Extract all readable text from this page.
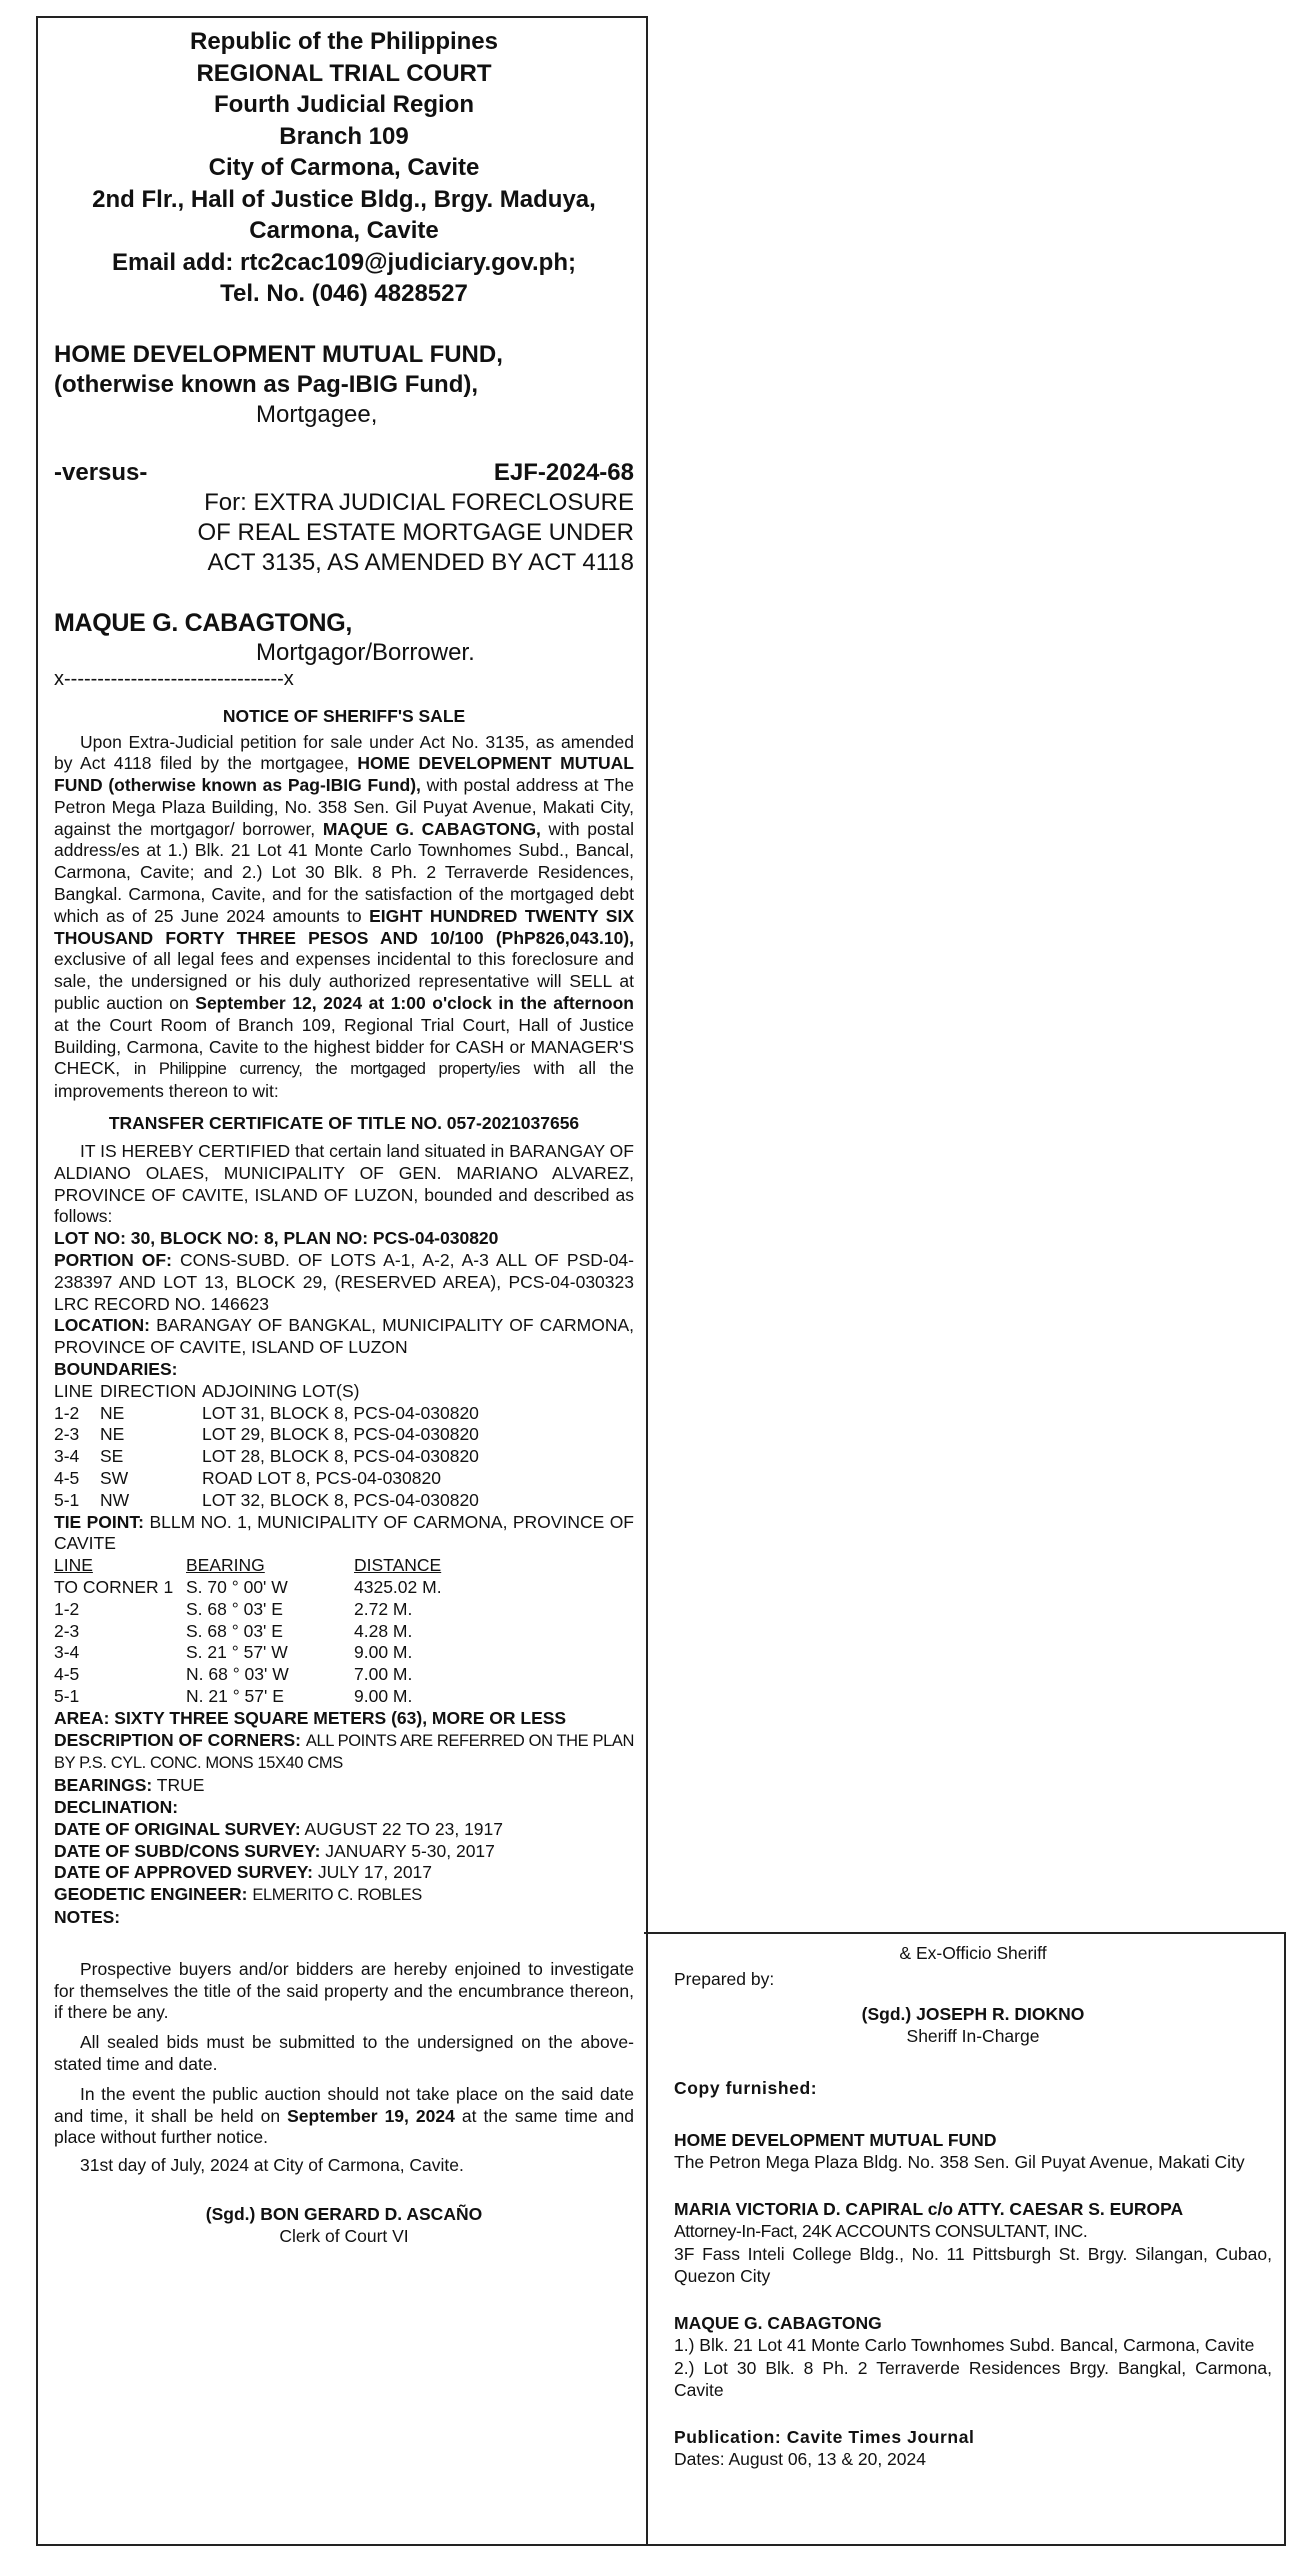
Republic of the Philippines
REGIONAL TRIAL COURT
Fourth Judicial Region
Branch 109
City of Carmona, Cavite
2nd Flr., Hall of Justice Bldg., Brgy. Maduya,
Carmona, Cavite
Email add: rtc2cac109@judiciary.gov.ph;
Tel. No. (046) 4828527
HOME DEVELOPMENT MUTUAL FUND,
(otherwise known as Pag-IBIG Fund),
Mortgagee,
-versus-	EJF-2024-68
For: EXTRA JUDICIAL FORECLOSURE
OF REAL ESTATE MORTGAGE UNDER
ACT 3135, AS AMENDED BY ACT 4118
MAQUE G. CABAGTONG,
Mortgagor/Borrower.
x---------------------------------x
NOTICE OF SHERIFF'S SALE
Upon Extra-Judicial petition for sale under Act No. 3135, as amended by Act 4118 filed by the mortgagee, HOME DEVELOPMENT MUTUAL FUND (otherwise known as Pag-IBIG Fund), with postal address at The Petron Mega Plaza Building, No. 358 Sen. Gil Puyat Avenue, Makati City, against the mortgagor/ borrower, MAQUE G. CABAGTONG, with postal address/es at 1.) Blk. 21 Lot 41 Monte Carlo Townhomes Subd., Bancal, Carmona, Cavite; and 2.) Lot 30 Blk. 8 Ph. 2 Terraverde Residences, Bangkal. Carmona, Cavite, and for the satisfaction of the mortgaged debt which as of 25 June 2024 amounts to EIGHT HUNDRED TWENTY SIX THOUSAND FORTY THREE PESOS AND 10/100 (PhP826,043.10), exclusive of all legal fees and expenses incidental to this foreclosure and sale, the undersigned or his duly authorized representative will SELL at public auction on September 12, 2024 at 1:00 o'clock in the afternoon at the Court Room of Branch 109, Regional Trial Court, Hall of Justice Building, Carmona, Cavite to the highest bidder for CASH or MANAGER'S CHECK, in Philippine currency, the mortgaged property/ies with all the improvements thereon to wit:
TRANSFER CERTIFICATE OF TITLE NO. 057-2021037656
IT IS HEREBY CERTIFIED that certain land situated in BARANGAY OF ALDIANO OLAES, MUNICIPALITY OF GEN. MARIANO ALVAREZ, PROVINCE OF CAVITE, ISLAND OF LUZON, bounded and described as follows:
LOT NO: 30, BLOCK NO: 8, PLAN NO: PCS-04-030820
PORTION OF: CONS-SUBD. OF LOTS A-1, A-2, A-3 ALL OF PSD-04-238397 AND LOT 13, BLOCK 29, (RESERVED AREA), PCS-04-030323 LRC RECORD NO. 146623
LOCATION: BARANGAY OF BANGKAL, MUNICIPALITY OF CARMONA, PROVINCE OF CAVITE, ISLAND OF LUZON
BOUNDARIES:
LINE DIRECTION ADJOINING LOT(S)
1-2	NE	LOT 31, BLOCK 8, PCS-04-030820
2-3	NE	LOT 29, BLOCK 8, PCS-04-030820
3-4	SE	LOT 28, BLOCK 8, PCS-04-030820
4-5	SW	ROAD LOT 8, PCS-04-030820
5-1	NW	LOT 32, BLOCK 8, PCS-04-030820
TIE POINT: BLLM NO. 1, MUNICIPALITY OF CARMONA, PROVINCE OF CAVITE
LINE	BEARING	DISTANCE
TO CORNER 1 S. 70 ° 00' W	4325.02 M.
1-2	S. 68 ° 03' E	2.72 M.
2-3	S. 68 ° 03' E	4.28 M.
3-4	S. 21 ° 57' W	9.00 M.
4-5	N. 68 ° 03' W	7.00 M.
5-1	N. 21 ° 57' E	9.00 M.
AREA: SIXTY THREE SQUARE METERS (63), MORE OR LESS
DESCRIPTION OF CORNERS: ALL POINTS ARE REFERRED ON THE PLAN BY P.S. CYL. CONC. MONS 15X40 CMS
BEARINGS: TRUE
DECLINATION:
DATE OF ORIGINAL SURVEY: AUGUST 22 TO 23, 1917
DATE OF SUBD/CONS SURVEY: JANUARY 5-30, 2017
DATE OF APPROVED SURVEY: JULY 17, 2017
GEODETIC ENGINEER: ELMERITO C. ROBLES
NOTES:
Prospective buyers and/or bidders are hereby enjoined to investigate for themselves the title of the said property and the encumbrance thereon, if there be any.
All sealed bids must be submitted to the undersigned on the above-stated time and date.
In the event the public auction should not take place on the said date and time, it shall be held on September 19, 2024 at the same time and place without further notice.
31st day of July, 2024 at City of Carmona, Cavite.
(Sgd.) BON GERARD D. ASCAÑO
Clerk of Court VI
& Ex-Officio Sheriff
Prepared by:
(Sgd.) JOSEPH R. DIOKNO
Sheriff In-Charge
Copy furnished:
HOME DEVELOPMENT MUTUAL FUND
The Petron Mega Plaza Bldg. No. 358 Sen. Gil Puyat Avenue, Makati City
MARIA VICTORIA D. CAPIRAL c/o ATTY. CAESAR S. EUROPA
Attorney-In-Fact, 24K ACCOUNTS CONSULTANT, INC.
3F Fass Inteli College Bldg., No. 11 Pittsburgh St. Brgy. Silangan, Cubao, Quezon City
MAQUE G. CABAGTONG
1.) Blk. 21 Lot 41 Monte Carlo Townhomes Subd. Bancal, Carmona, Cavite
2.) Lot 30 Blk. 8 Ph. 2 Terraverde Residences Brgy. Bangkal, Carmona, Cavite
Publication: Cavite Times Journal
Dates: August 06, 13 & 20, 2024
